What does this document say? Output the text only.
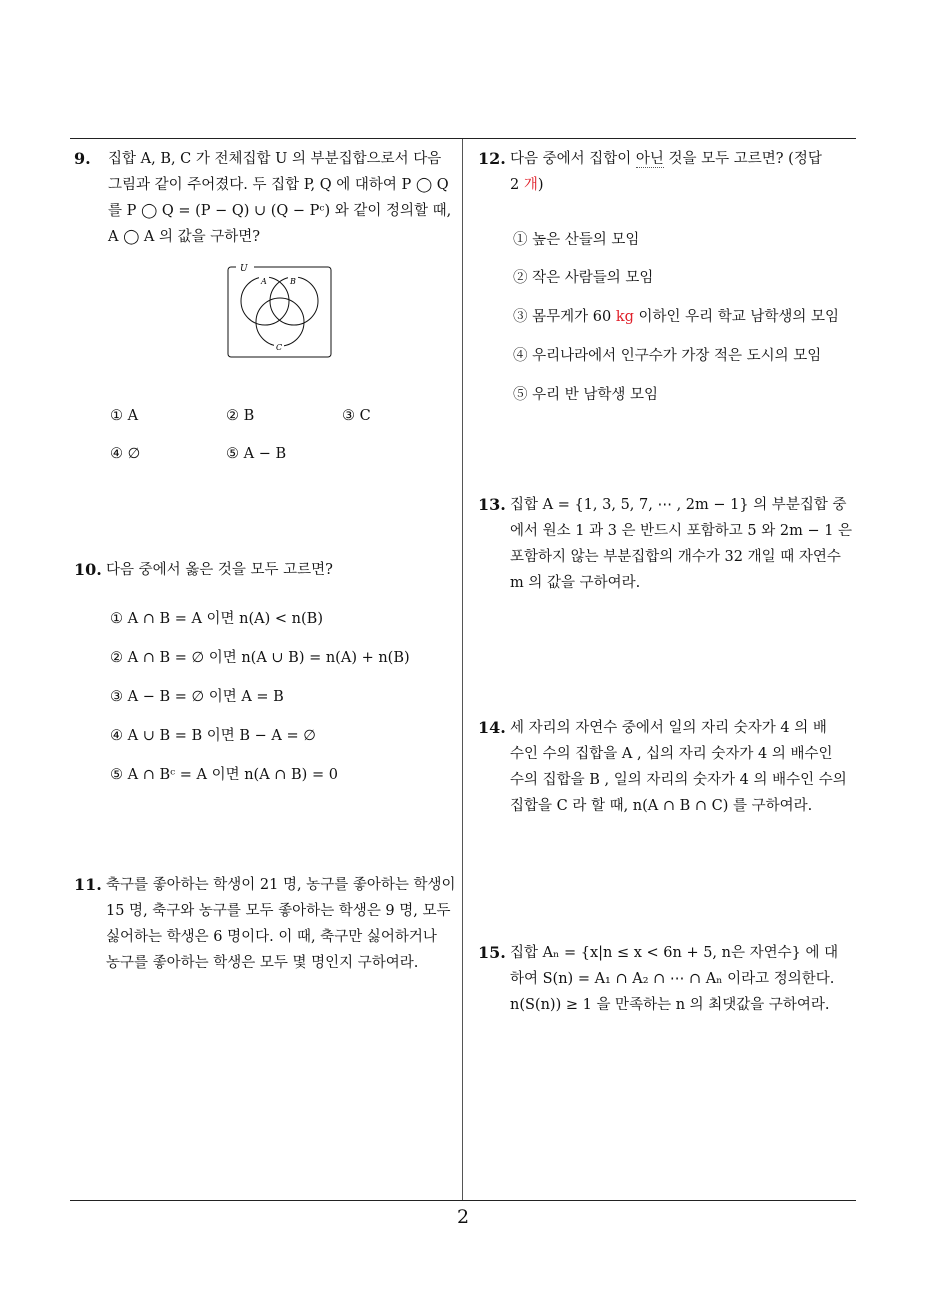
9. 집합 A, B, C 가 전체집합 U 의 부분집합으로서 다음
그림과 같이 주어졌다. 두 집합 P, Q 에 대하여 P ◯ Q
를 P ◯ Q = (P − Q) ∪ (Q − Pᶜ) 와 같이 정의할 때,
A ◯ A 의 값을 구하면?
U
A	B
C
① A	② B	③ C
④ ∅	⑤ A − B
10. 다음 중에서 옳은 것을 모두 고르면?
① A ∩ B = A 이면 n(A) < n(B)
② A ∩ B = ∅ 이면 n(A ∪ B) = n(A) + n(B)
③ A − B = ∅ 이면 A = B
④ A ∪ B = B 이면 B − A = ∅
⑤ A ∩ Bᶜ = A 이면 n(A ∩ B) = 0
11. 축구를 좋아하는 학생이 21 명, 농구를 좋아하는 학생이
15 명, 축구와 농구를 모두 좋아하는 학생은 9 명, 모두
싫어하는 학생은 6 명이다. 이 때, 축구만 싫어하거나
농구를 좋아하는 학생은 모두 몇 명인지 구하여라.
12. 다음 중에서 집합이 아닌 것을 모두 고르면? (정답
2 개)
① 높은 산들의 모임
② 작은 사람들의 모임
③ 몸무게가 60 kg 이하인 우리 학교 남학생의 모임
④ 우리나라에서 인구수가 가장 적은 도시의 모임
⑤ 우리 반 남학생 모임
13. 집합 A = {1, 3, 5, 7, ⋯ , 2m − 1} 의 부분집합 중
에서 원소 1 과 3 은 반드시 포함하고 5 와 2m − 1 은
포함하지 않는 부분집합의 개수가 32 개일 때 자연수
m 의 값을 구하여라.
14. 세 자리의 자연수 중에서 일의 자리 숫자가 4 의 배
수인 수의 집합을 A , 십의 자리 숫자가 4 의 배수인
수의 집합을 B , 일의 자리의 숫자가 4 의 배수인 수의
집합을 C 라 할 때, n(A ∩ B ∩ C) 를 구하여라.
15. 집합 Aₙ = {x|n ≤ x < 6n + 5, n은 자연수} 에 대
하여 S(n) = A₁ ∩ A₂ ∩ ⋯ ∩ Aₙ 이라고 정의한다.
n(S(n)) ≥ 1 을 만족하는 n 의 최댓값을 구하여라.
2
